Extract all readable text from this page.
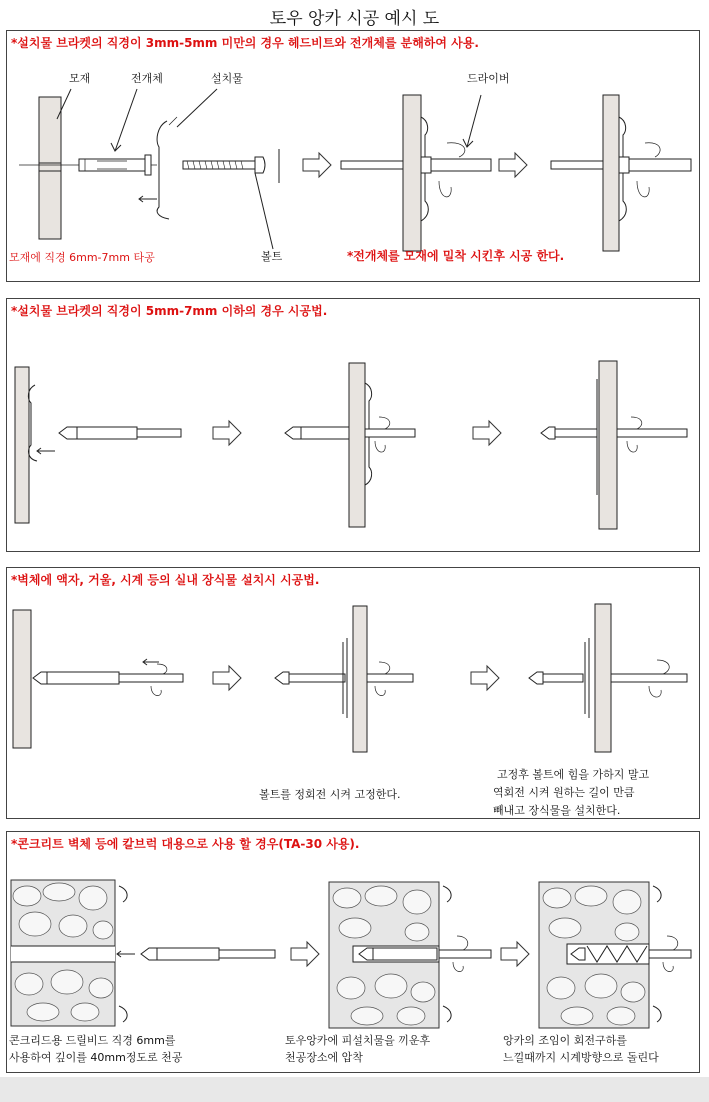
토우 앙카 시공 예시 도
*설치물 브라켓의 직경이 3mm-5mm 미만의 경우 헤드비트와 전개체를 분해하여 사용.
모재	전개체	설치물	드라이버
볼트
모재에 직경 6mm-7mm 타공	*전개체를 모재에 밀착 시킨후 시공 한다.
*설치물 브라켓의 직경이 5mm-7mm 이하의 경우 시공법.
*벽체에 액자, 거울, 시계 등의 실내 장식물 설치시 시공법.
볼트를 정회전 시켜 고정한다.
고정후 볼트에 힘을 가하지 말고
역회전 시켜 원하는 길이 만큼
빼내고 장식물을 설치한다.
*콘크리트 벽체 등에 칼브럭 대용으로 사용 할 경우(TA-30 사용).
콘크리드용 드릴비드 직경 6mm를
사용하여 깊이를 40mm정도로 천공
토우앙카에 피설치물을 끼운후
천공장소에 압착
앙카의 조임이 회전구하를
느낄때까지 시계방향으로 돌린다
